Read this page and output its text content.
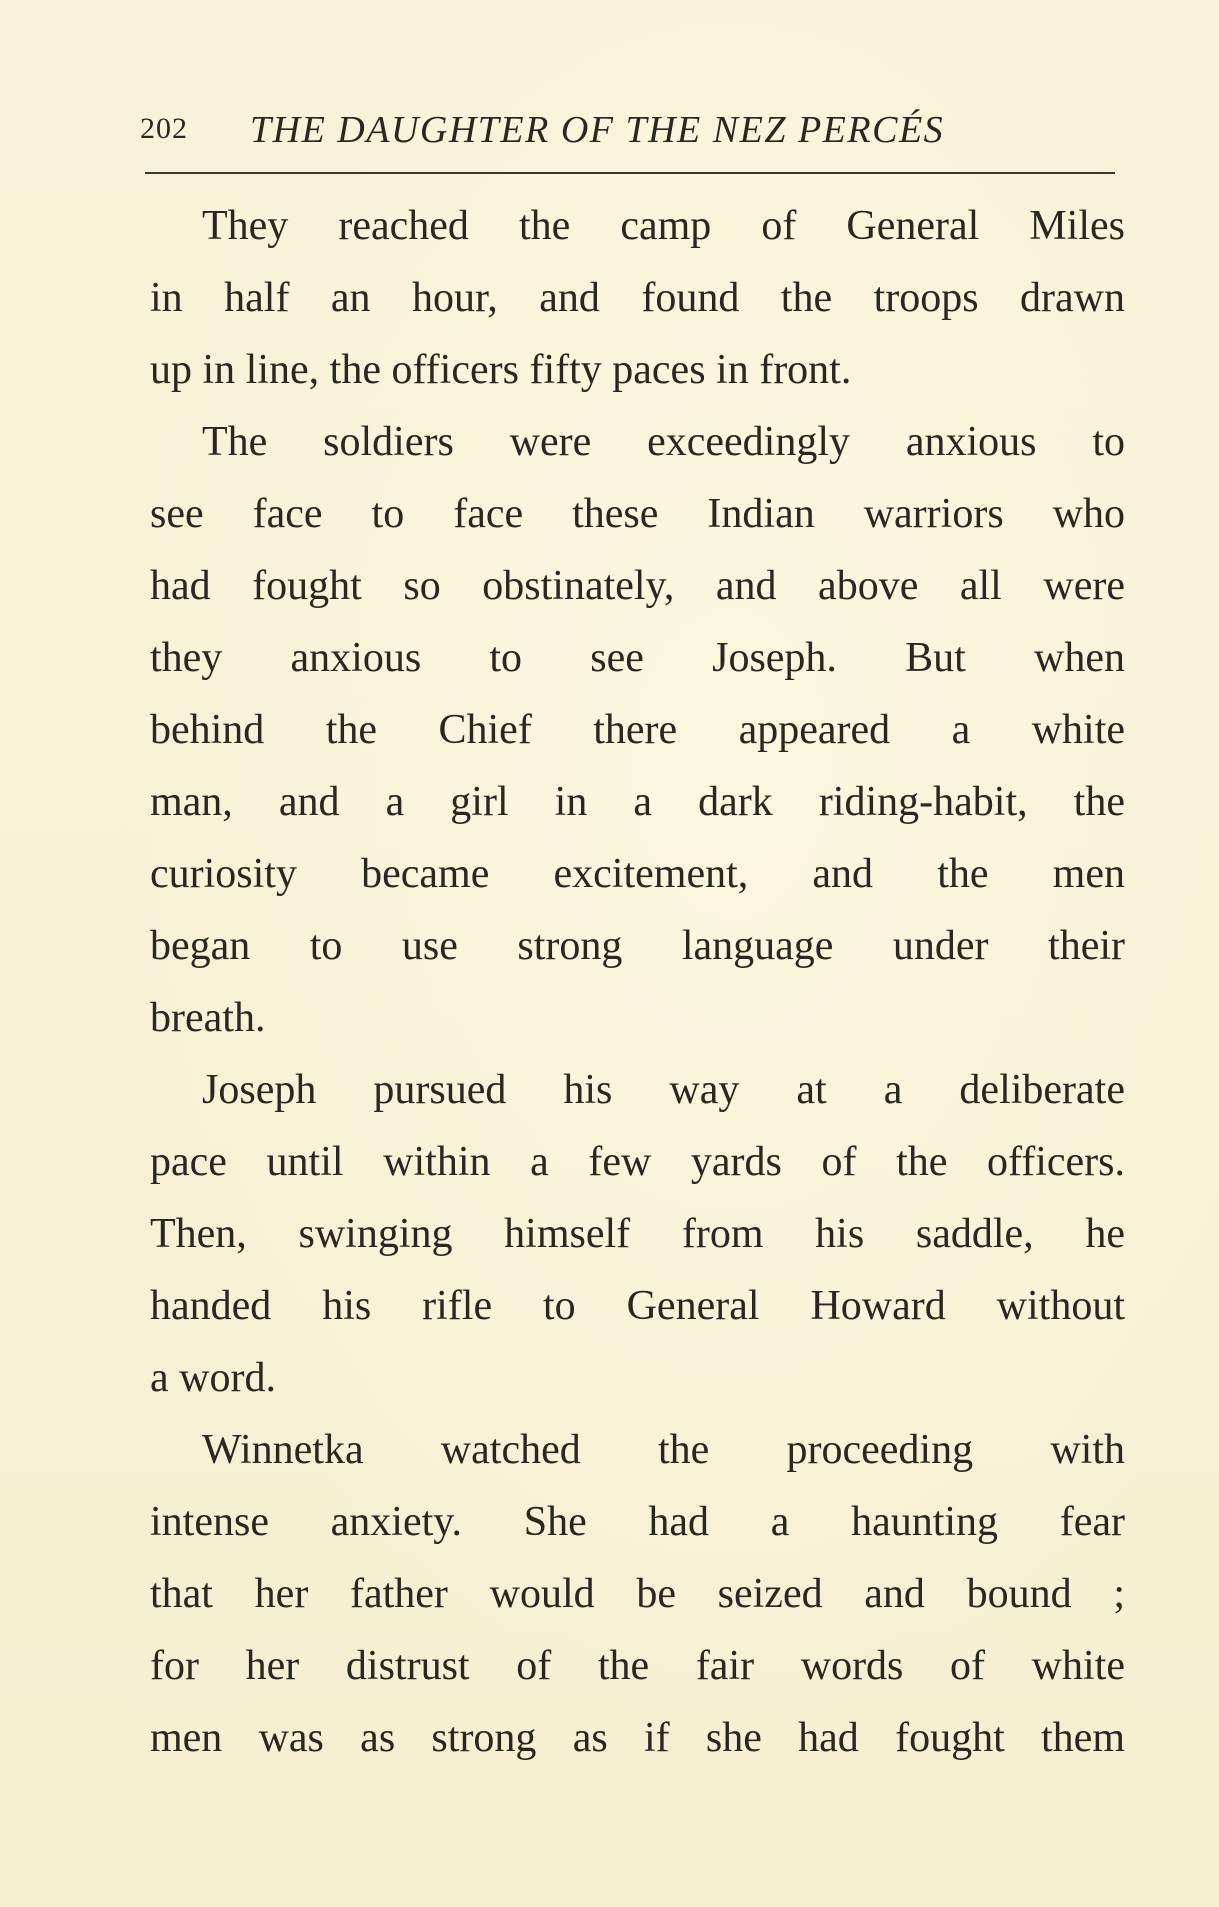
202 THE DAUGHTER OF THE NEZ PERCÉS

They reached the camp of General Miles
in half an hour, and found the troops drawn
up in line, the officers fifty paces in front.

The soldiers were exceedingly anxious to
see face to face these Indian warriors who
had fought so obstinately, and above all were
they anxious to see Joseph. But when
behind the Chief there appeared a white
man, and a girl in a dark riding-habit, the
curiosity became excitement, and the men
began to use strong language under their
breath.

Joseph pursued his way at a deliberate
pace until within a few yards of the officers.
Then, swinging himself from his saddle, he
handed his rifle to General Howard without
a word.

Winnetka watched the proceeding with
intense anxiety. She had a haunting fear
that her father would be seized and bound ;
for her distrust of the fair words of white
men was as strong as if she had fought them
